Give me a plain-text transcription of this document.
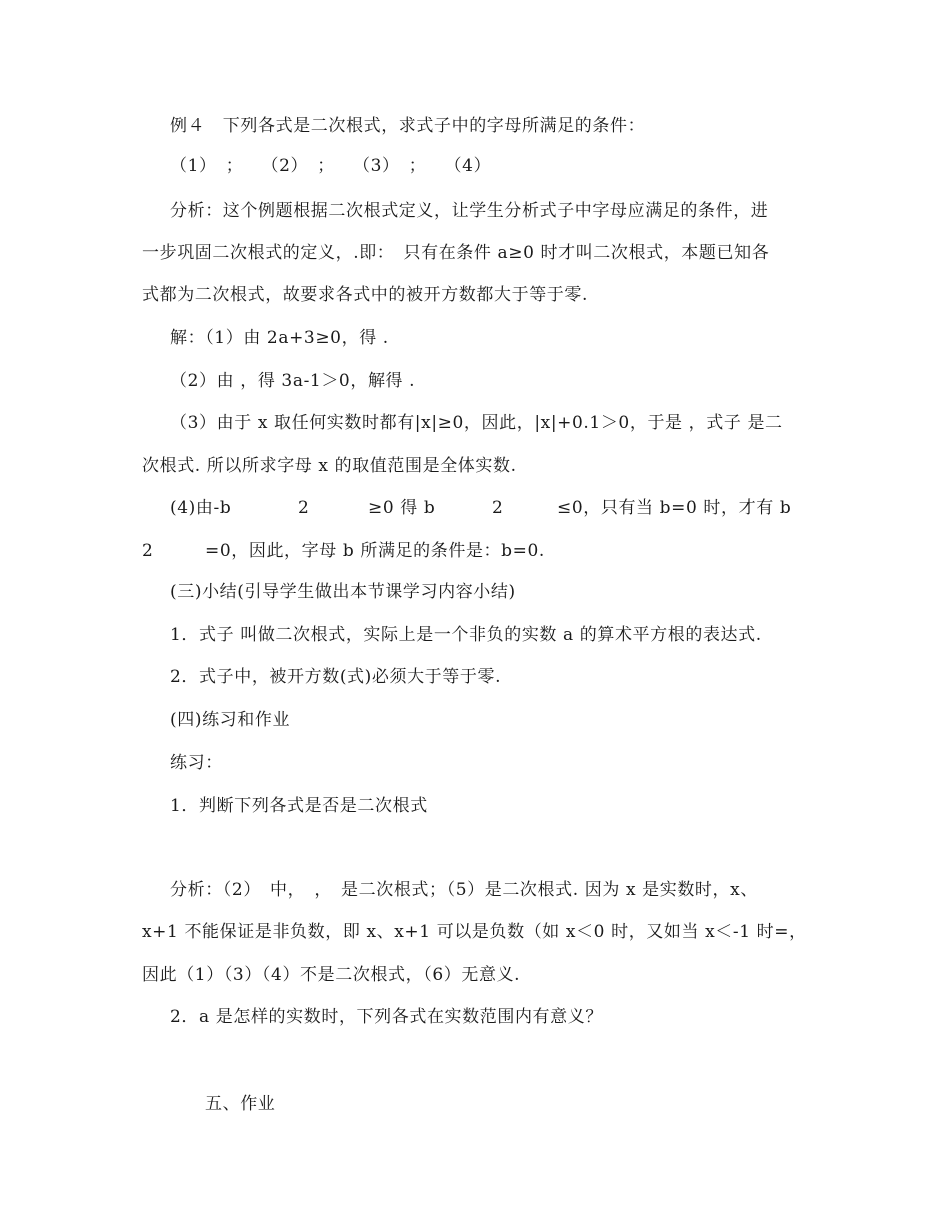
例４　下列各式是二次根式，求式子中的字母所满足的条件：
（1）　；　　（2）　；　　（3）　；　　（4）
分析：这个例题根据二次根式定义，让学生分析式子中字母应满足的条件，进
一步巩固二次根式的定义，.即：　只有在条件 a≥0 时才叫二次根式，本题已知各
式都为二次根式，故要求各式中的被开方数都大于等于零.
解：（1）由 2a+3≥0，得 .
（2）由 ，得 3a-1＞0，解得 .
（3）由于 x 取任何实数时都有|x|≥0，因此，|x|+0.1＞0，于是 ，式子 是二
次根式. 所以所求字母 x 的取值范围是全体实数.
(4)由-b	2	≥0 得 b	2	≤0，只有当 b=0 时，才有 b
2	=0，因此，字母 b 所满足的条件是：b=0.
(三)小结(引导学生做出本节课学习内容小结)
1．式子 叫做二次根式，实际上是一个非负的实数 a 的算术平方根的表达式.
2．式子中，被开方数(式)必须大于等于零.
(四)练习和作业
练习：
1．判断下列各式是否是二次根式
分析：（2）　中，　，　是二次根式；（5）是二次根式. 因为 x 是实数时，x、
x+1 不能保证是非负数，即 x、x+1 可以是负数（如 x＜0 时，又如当 x＜-1 时=，
因此（1）（3）（4）不是二次根式，（6）无意义.
2．a 是怎样的实数时，下列各式在实数范围内有意义？
五、作业
